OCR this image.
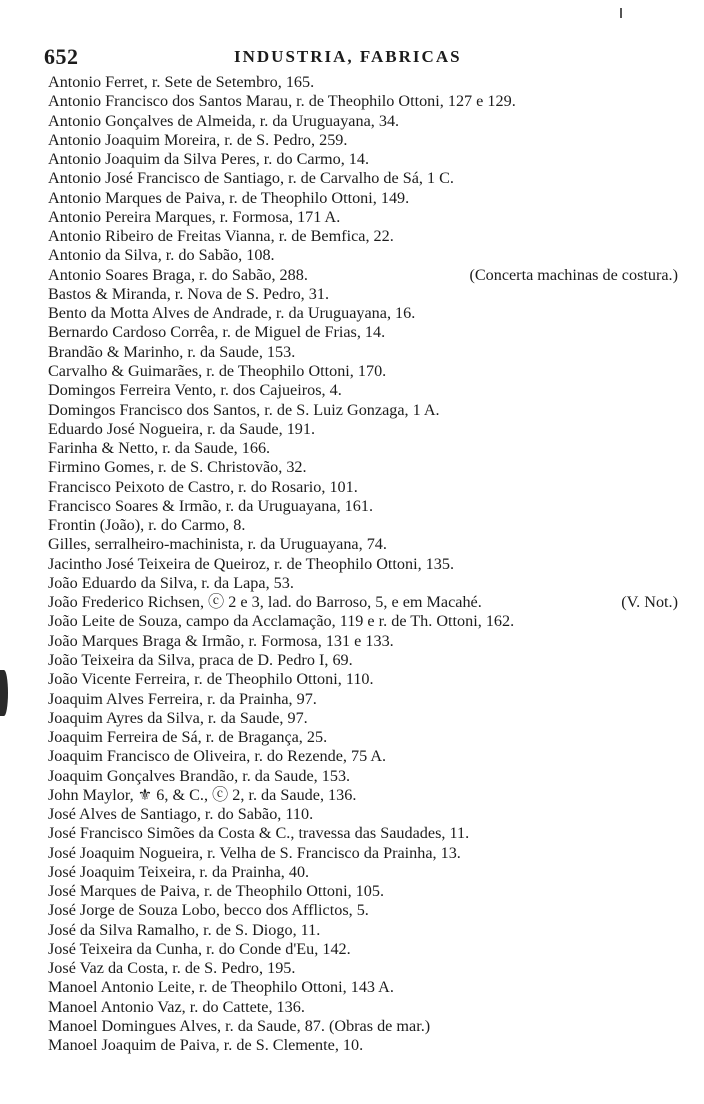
652	INDUSTRIA, FABRICAS
Antonio Ferret, r. Sete de Setembro, 165.
Antonio Francisco dos Santos Marau, r. de Theophilo Ottoni, 127 e 129.
Antonio Gonçalves de Almeida, r. da Uruguayana, 34.
Antonio Joaquim Moreira, r. de S. Pedro, 259.
Antonio Joaquim da Silva Peres, r. do Carmo, 14.
Antonio José Francisco de Santiago, r. de Carvalho de Sá, 1 C.
Antonio Marques de Paiva, r. de Theophilo Ottoni, 149.
Antonio Pereira Marques, r. Formosa, 171 A.
Antonio Ribeiro de Freitas Vianna, r. de Bemfica, 22.
Antonio da Silva, r. do Sabão, 108.
Antonio Soares Braga, r. do Sabão, 288.	(Concerta machinas de costura.)
Bastos & Miranda, r. Nova de S. Pedro, 31.
Bento da Motta Alves de Andrade, r. da Uruguayana, 16.
Bernardo Cardoso Corrêa, r. de Miguel de Frias, 14.
Brandão & Marinho, r. da Saude, 153.
Carvalho & Guimarães, r. de Theophilo Ottoni, 170.
Domingos Ferreira Vento, r. dos Cajueiros, 4.
Domingos Francisco dos Santos, r. de S. Luiz Gonzaga, 1 A.
Eduardo José Nogueira, r. da Saude, 191.
Farinha & Netto, r. da Saude, 166.
Firmino Gomes, r. de S. Christovão, 32.
Francisco Peixoto de Castro, r. do Rosario, 101.
Francisco Soares & Irmão, r. da Uruguayana, 161.
Frontin (João), r. do Carmo, 8.
Gilles, serralheiro-machinista, r. da Uruguayana, 74.
Jacintho José Teixeira de Queiroz, r. de Theophilo Ottoni, 135.
João Eduardo da Silva, r. da Lapa, 53.
João Frederico Richsen, ⓒ 2 e 3, lad. do Barroso, 5, e em Macahé.	(V. Not.)
João Leite de Souza, campo da Acclamação, 119 e r. de Th. Ottoni, 162.
João Marques Braga & Irmão, r. Formosa, 131 e 133.
João Teixeira da Silva, praca de D. Pedro I, 69.
João Vicente Ferreira, r. de Theophilo Ottoni, 110.
Joaquim Alves Ferreira, r. da Prainha, 97.
Joaquim Ayres da Silva, r. da Saude, 97.
Joaquim Ferreira de Sá, r. de Bragança, 25.
Joaquim Francisco de Oliveira, r. do Rezende, 75 A.
Joaquim Gonçalves Brandão, r. da Saude, 153.
John Maylor, ⚜ 6, & C., ⓒ 2, r. da Saude, 136.
José Alves de Santiago, r. do Sabão, 110.
José Francisco Simões da Costa & C., travessa das Saudades, 11.
José Joaquim Nogueira, r. Velha de S. Francisco da Prainha, 13.
José Joaquim Teixeira, r. da Prainha, 40.
José Marques de Paiva, r. de Theophilo Ottoni, 105.
José Jorge de Souza Lobo, becco dos Afflictos, 5.
José da Silva Ramalho, r. de S. Diogo, 11.
José Teixeira da Cunha, r. do Conde d'Eu, 142.
José Vaz da Costa, r. de S. Pedro, 195.
Manoel Antonio Leite, r. de Theophilo Ottoni, 143 A.
Manoel Antonio Vaz, r. do Cattete, 136.
Manoel Domingues Alves, r. da Saude, 87. (Obras de mar.)
Manoel Joaquim de Paiva, r. de S. Clemente, 10.
